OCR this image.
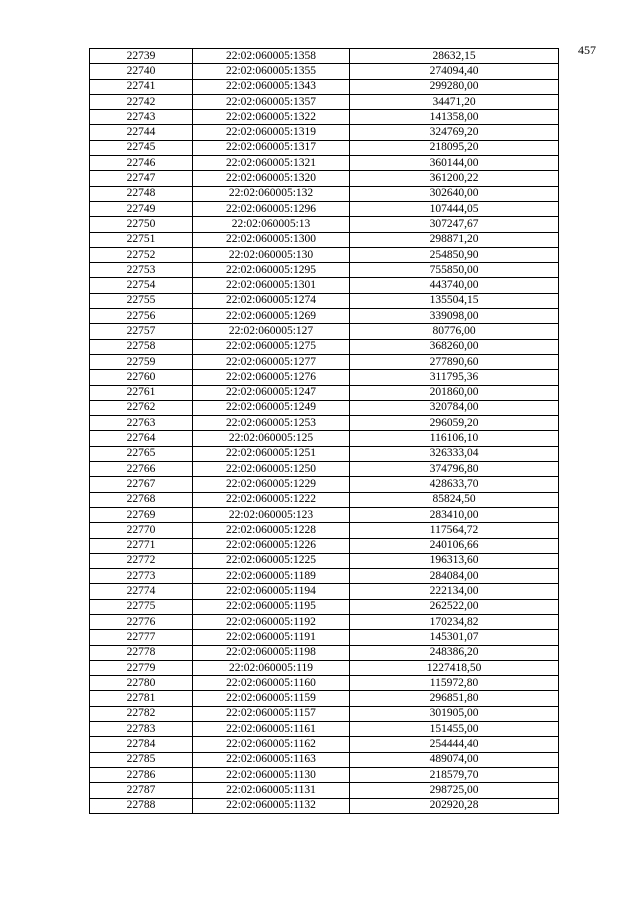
457
22739	22:02:060005:1358	28632,15
22740	22:02:060005:1355	274094,40
22741	22:02:060005:1343	299280,00
22742	22:02:060005:1357	34471,20
22743	22:02:060005:1322	141358,00
22744	22:02:060005:1319	324769,20
22745	22:02:060005:1317	218095,20
22746	22:02:060005:1321	360144,00
22747	22:02:060005:1320	361200,22
22748	22:02:060005:132	302640,00
22749	22:02:060005:1296	107444,05
22750	22:02:060005:13	307247,67
22751	22:02:060005:1300	298871,20
22752	22:02:060005:130	254850,90
22753	22:02:060005:1295	755850,00
22754	22:02:060005:1301	443740,00
22755	22:02:060005:1274	135504,15
22756	22:02:060005:1269	339098,00
22757	22:02:060005:127	80776,00
22758	22:02:060005:1275	368260,00
22759	22:02:060005:1277	277890,60
22760	22:02:060005:1276	311795,36
22761	22:02:060005:1247	201860,00
22762	22:02:060005:1249	320784,00
22763	22:02:060005:1253	296059,20
22764	22:02:060005:125	116106,10
22765	22:02:060005:1251	326333,04
22766	22:02:060005:1250	374796,80
22767	22:02:060005:1229	428633,70
22768	22:02:060005:1222	85824,50
22769	22:02:060005:123	283410,00
22770	22:02:060005:1228	117564,72
22771	22:02:060005:1226	240106,66
22772	22:02:060005:1225	196313,60
22773	22:02:060005:1189	284084,00
22774	22:02:060005:1194	222134,00
22775	22:02:060005:1195	262522,00
22776	22:02:060005:1192	170234,82
22777	22:02:060005:1191	145301,07
22778	22:02:060005:1198	248386,20
22779	22:02:060005:119	1227418,50
22780	22:02:060005:1160	115972,80
22781	22:02:060005:1159	296851,80
22782	22:02:060005:1157	301905,00
22783	22:02:060005:1161	151455,00
22784	22:02:060005:1162	254444,40
22785	22:02:060005:1163	489074,00
22786	22:02:060005:1130	218579,70
22787	22:02:060005:1131	298725,00
22788	22:02:060005:1132	202920,28
